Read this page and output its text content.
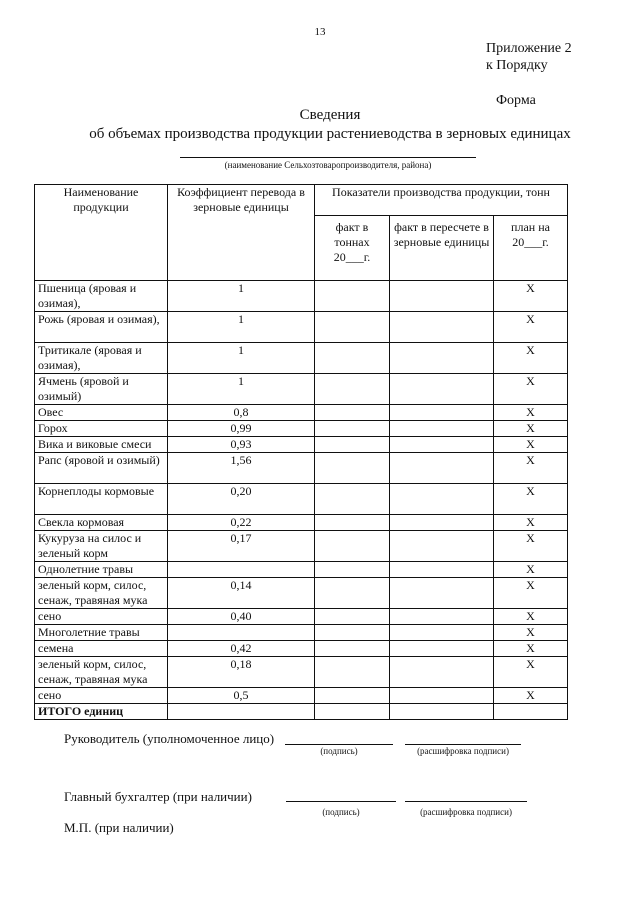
13
Приложение 2
к Порядку
Форма
Сведения
об объемах производства продукции растениеводства в зерновых единицах
(наименование Сельхозтоваропроизводителя, района)
Наименование продукции	Коэффициент перевода в зерновые единицы	Показатели производства продукции, тонн		
		факт в тоннах 20___г.	факт в пересчете в зерновые единицы	план на 20___г.
Пшеница (яровая и озимая),	1			X
Рожь (яровая и озимая),	1			X
Тритикале (яровая и озимая),	1			X
Ячмень (яровой и озимый)	1			X
Овес	0,8			X
Горох	0,99			X
Вика и виковые смеси	0,93			X
Рапс (яровой и озимый)	1,56			X
Корнеплоды кормовые	0,20			X
Свекла кормовая	0,22			X
Кукуруза на силос и зеленый корм	0,17			X
Однолетние травы				X
зеленый корм, силос, сенаж, травяная мука	0,14			X
сено	0,40			X
Многолетние травы				X
семена	0,42			X
зеленый корм, силос, сенаж, травяная мука	0,18			X
сено	0,5			X
ИТОГО единиц				
Руководитель (уполномоченное лицо)
(подпись)	(расшифровка подписи)
Главный бухгалтер (при наличии)
(подпись)	(расшифровка подписи)
М.П. (при наличии)
